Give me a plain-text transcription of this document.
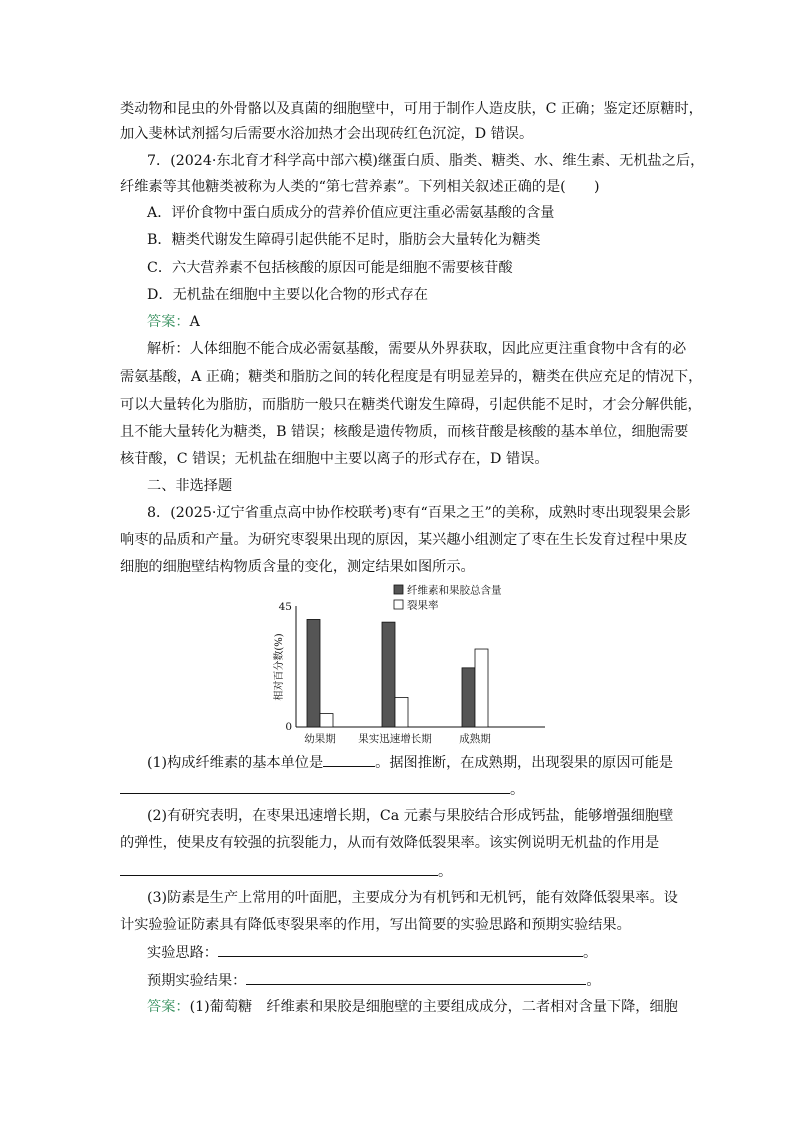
类动物和昆虫的外骨骼以及真菌的细胞壁中，可用于制作人造皮肤，C 正确；鉴定还原糖时，
加入斐林试剂摇匀后需要水浴加热才会出现砖红色沉淀，D 错误。
7．(2024·东北育才科学高中部六模)继蛋白质、脂类、糖类、水、维生素、无机盐之后，
纤维素等其他糖类被称为人类的“第七营养素”。下列相关叙述正确的是(　　)
A．评价食物中蛋白质成分的营养价值应更注重必需氨基酸的含量
B．糖类代谢发生障碍引起供能不足时，脂肪会大量转化为糖类
C．六大营养素不包括核酸的原因可能是细胞不需要核苷酸
D．无机盐在细胞中主要以化合物的形式存在
答案：A
解析：人体细胞不能合成必需氨基酸，需要从外界获取，因此应更注重食物中含有的必
需氨基酸，A 正确；糖类和脂肪之间的转化程度是有明显差异的，糖类在供应充足的情况下，
可以大量转化为脂肪，而脂肪一般只在糖类代谢发生障碍，引起供能不足时，才会分解供能，
且不能大量转化为糖类，B 错误；核酸是遗传物质，而核苷酸是核酸的基本单位，细胞需要
核苷酸，C 错误；无机盐在细胞中主要以离子的形式存在，D 错误。
二、非选择题
8．(2025·辽宁省重点高中协作校联考)枣有“百果之王”的美称，成熟时枣出现裂果会影
响枣的品质和产量。为研究枣裂果出现的原因，某兴趣小组测定了枣在生长发育过程中果皮
细胞的细胞壁结构物质含量的变化，测定结果如图所示。
纤维素和果胶总含量
裂果率
45
0
相对百分数(%)
幼果期 果实迅速增长期	成熟期
(1)构成纤维素的基本单位是	。据图推断，在成熟期，出现裂果的原因可能是
。
(2)有研究表明，在枣果迅速增长期，Ca 元素与果胶结合形成钙盐，能够增强细胞壁
的弹性，使果皮有较强的抗裂能力，从而有效降低裂果率。该实例说明无机盐的作用是
。
(3)防素是生产上常用的叶面肥，主要成分为有机钙和无机钙，能有效降低裂果率。设
计实验验证防素具有降低枣裂果率的作用，写出简要的实验思路和预期实验结果。
实验思路：	。
预期实验结果：	。
答案：(1)葡萄糖　纤维素和果胶是细胞壁的主要组成成分，二者相对含量下降，细胞
